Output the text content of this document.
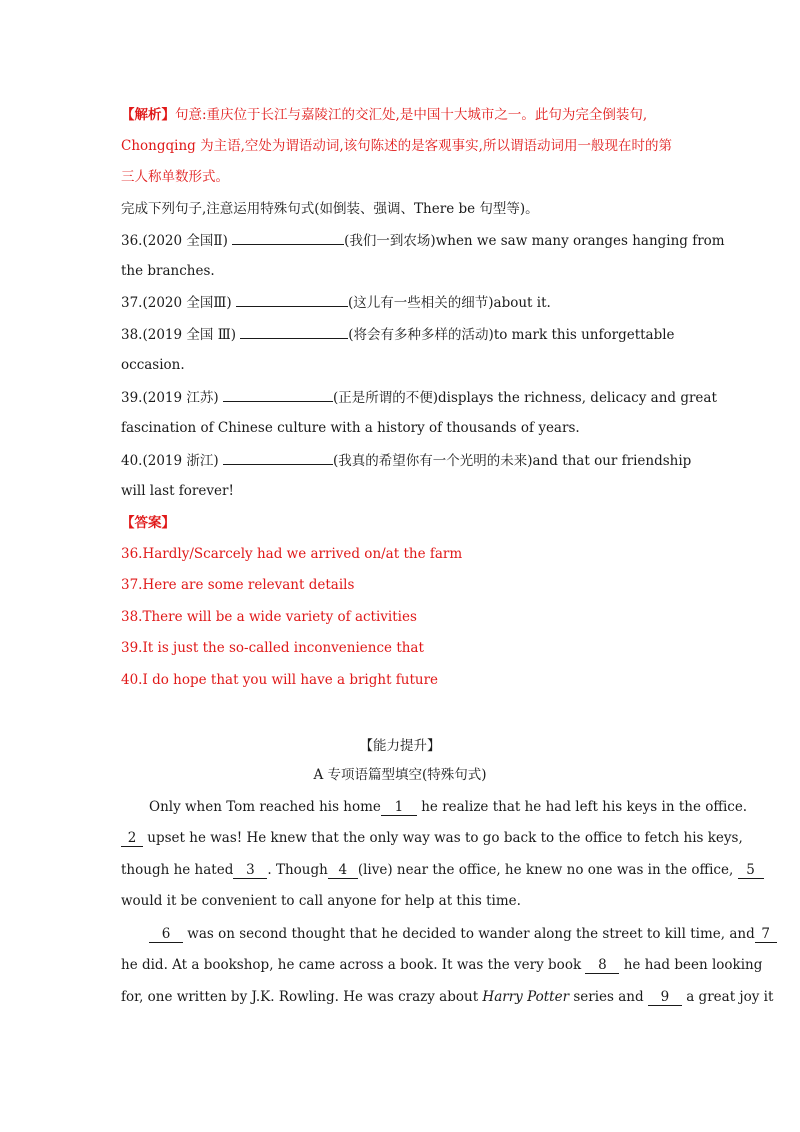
【解析】句意:重庆位于长江与嘉陵江的交汇处,是中国十大城市之一。此句为完全倒装句,
Chongqing 为主语,空处为谓语动词,该句陈述的是客观事实,所以谓语动词用一般现在时的第
三人称单数形式。
完成下列句子,注意运用特殊句式(如倒装、强调、There be 句型等)。
36.(2020 全国Ⅱ)	(我们一到农场)when we saw many oranges hanging from
the branches.
37.(2020 全国Ⅲ)	(这儿有一些相关的细节)about it.
38.(2019 全国 Ⅲ)	(将会有多种多样的活动)to mark this unforgettable
occasion.
39.(2019 江苏)	(正是所谓的不便)displays the richness, delicacy and great
fascination of Chinese culture with a history of thousands of years.
40.(2019 浙江)	(我真的希望你有一个光明的未来)and that our friendship
will last forever!
【答案】
36.Hardly/Scarcely had we arrived on/at the farm
37.Here are some relevant details
38.There will be a wide variety of activities
39.It is just the so-called inconvenience that
40.I do hope that you will have a bright future
【能力提升】
A 专项语篇型填空(特殊句式)
Only when Tom reached his home 1 he realize that he had left his keys in the office.
2 upset he was! He knew that the only way was to go back to the office to fetch his keys,
though he hated 3 . Though 4 (live) near the office, he knew no one was in the office, 5
would it be convenient to call anyone for help at this time.
6 was on second thought that he decided to wander along the street to kill time, and 7
he did. At a bookshop, he came across a book. It was the very book 8 he had been looking
for, one written by J.K. Rowling. He was crazy about Harry Potter series and 9 a great joy it
